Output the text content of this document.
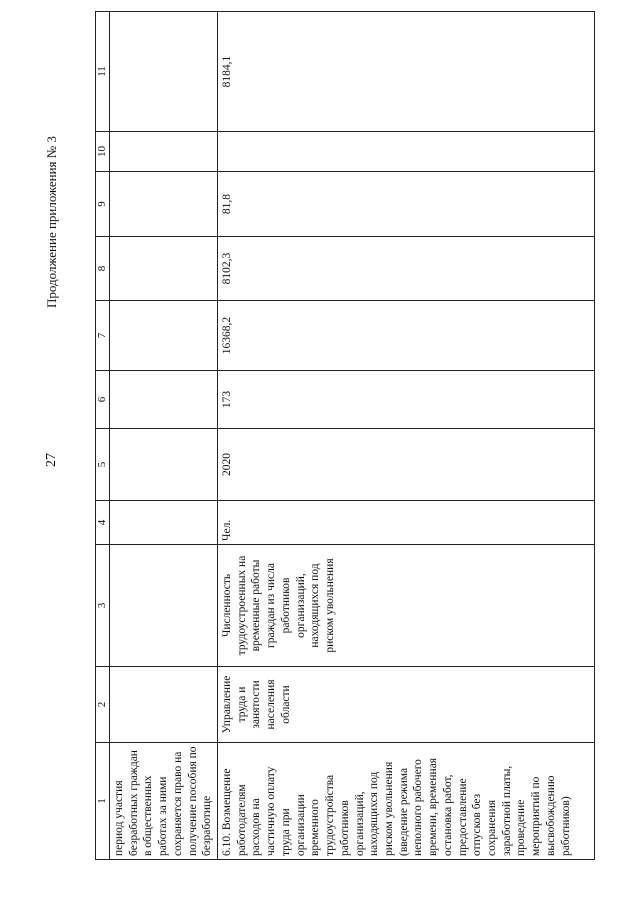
27
Продолжение приложения № 3
1	2	3	4	5	6	7	8	9	10	11
период участия безработных граждан в общественных работах за ними сохраняется право на получение пособия по безработице										
6.10. Возмещение работодателям расходов на частичную оплату труда при организации временного трудоустройства работников организаций, находящихся под риском увольнения (введение режима неполного рабочего времени, временная остановка работ, предоставление отпусков без сохранения заработной платы, проведение мероприятий по высвобождению работников)	Управление труда и занятости населения области	Численность трудоустроенных на временные работы граждан из числа работников организаций, находящихся под риском увольнения	Чел.	2020	173	16368,2	8102,3	81,8		8184,1
